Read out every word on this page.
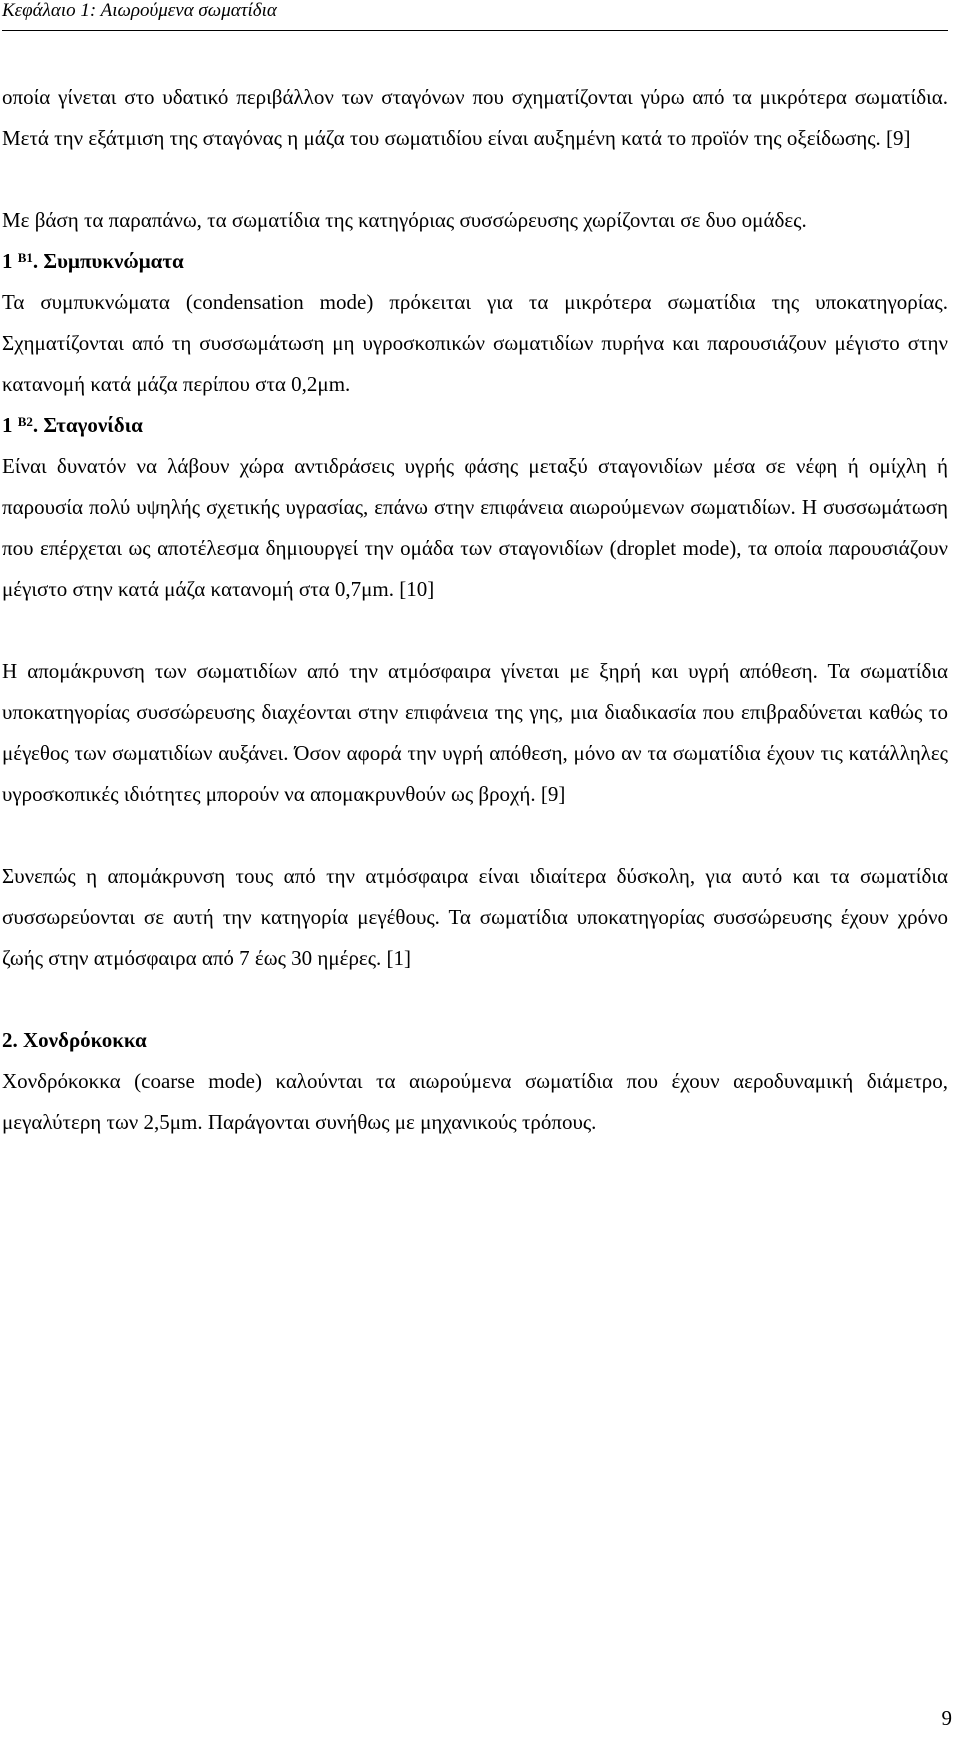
Κεφάλαιο 1: Αιωρούμενα σωματίδια

οποία γίνεται στο υδατικό περιβάλλον των σταγόνων που σχηματίζονται γύρω από τα μικρότερα σωματίδια. Μετά την εξάτμιση της σταγόνας η μάζα του σωματιδίου είναι αυξημένη κατά το προϊόν της οξείδωσης. [9]

Με βάση τα παραπάνω, τα σωματίδια της κατηγόριας συσσώρευσης χωρίζονται σε δυο ομάδες.

1 $^{B1}$. Συμπυκνώματα

Τα συμπυκνώματα (condensation mode) πρόκειται για τα μικρότερα σωματίδια της υποκατηγορίας. Σχηματίζονται από τη συσσωμάτωση μη υγροσκοπικών σωματιδίων πυρήνα και παρουσιάζουν μέγιστο στην κατανομή κατά μάζα περίπου στα 0,2μm.

1 $^{B2}$. Σταγονίδια

Είναι δυνατόν να λάβουν χώρα αντιδράσεις υγρής φάσης μεταξύ σταγονιδίων μέσα σε νέφη ή ομίχλη ή παρουσία πολύ υψηλής σχετικής υγρασίας, επάνω στην επιφάνεια αιωρούμενων σωματιδίων. Η συσσωμάτωση που επέρχεται ως αποτέλεσμα δημιουργεί την ομάδα των σταγονιδίων (droplet mode), τα οποία παρουσιάζουν μέγιστο στην κατά μάζα κατανομή στα 0,7μm. [10]

Η απομάκρυνση των σωματιδίων από την ατμόσφαιρα γίνεται με ξηρή και υγρή απόθεση. Τα σωματίδια υποκατηγορίας συσσώρευσης διαχέονται στην επιφάνεια της γης, μια διαδικασία που επιβραδύνεται καθώς το μέγεθος των σωματιδίων αυξάνει. Όσον αφορά την υγρή απόθεση, μόνο αν τα σωματίδια έχουν τις κατάλληλες υγροσκοπικές ιδιότητες μπορούν να απομακρυνθούν ως βροχή. [9]

Συνεπώς η απομάκρυνση τους από την ατμόσφαιρα είναι ιδιαίτερα δύσκολη, για αυτό και τα σωματίδια συσσωρεύονται σε αυτή την κατηγορία μεγέθους. Τα σωματίδια υποκατηγορίας συσσώρευσης έχουν χρόνο ζωής στην ατμόσφαιρα από 7 έως 30 ημέρες. [1]

2. Χονδρόκοκκα

Χονδρόκοκκα (coarse mode) καλούνται τα αιωρούμενα σωματίδια που έχουν αεροδυναμική διάμετρο, μεγαλύτερη των 2,5μm. Παράγονται συνήθως με μηχανικούς τρόπους.

9
